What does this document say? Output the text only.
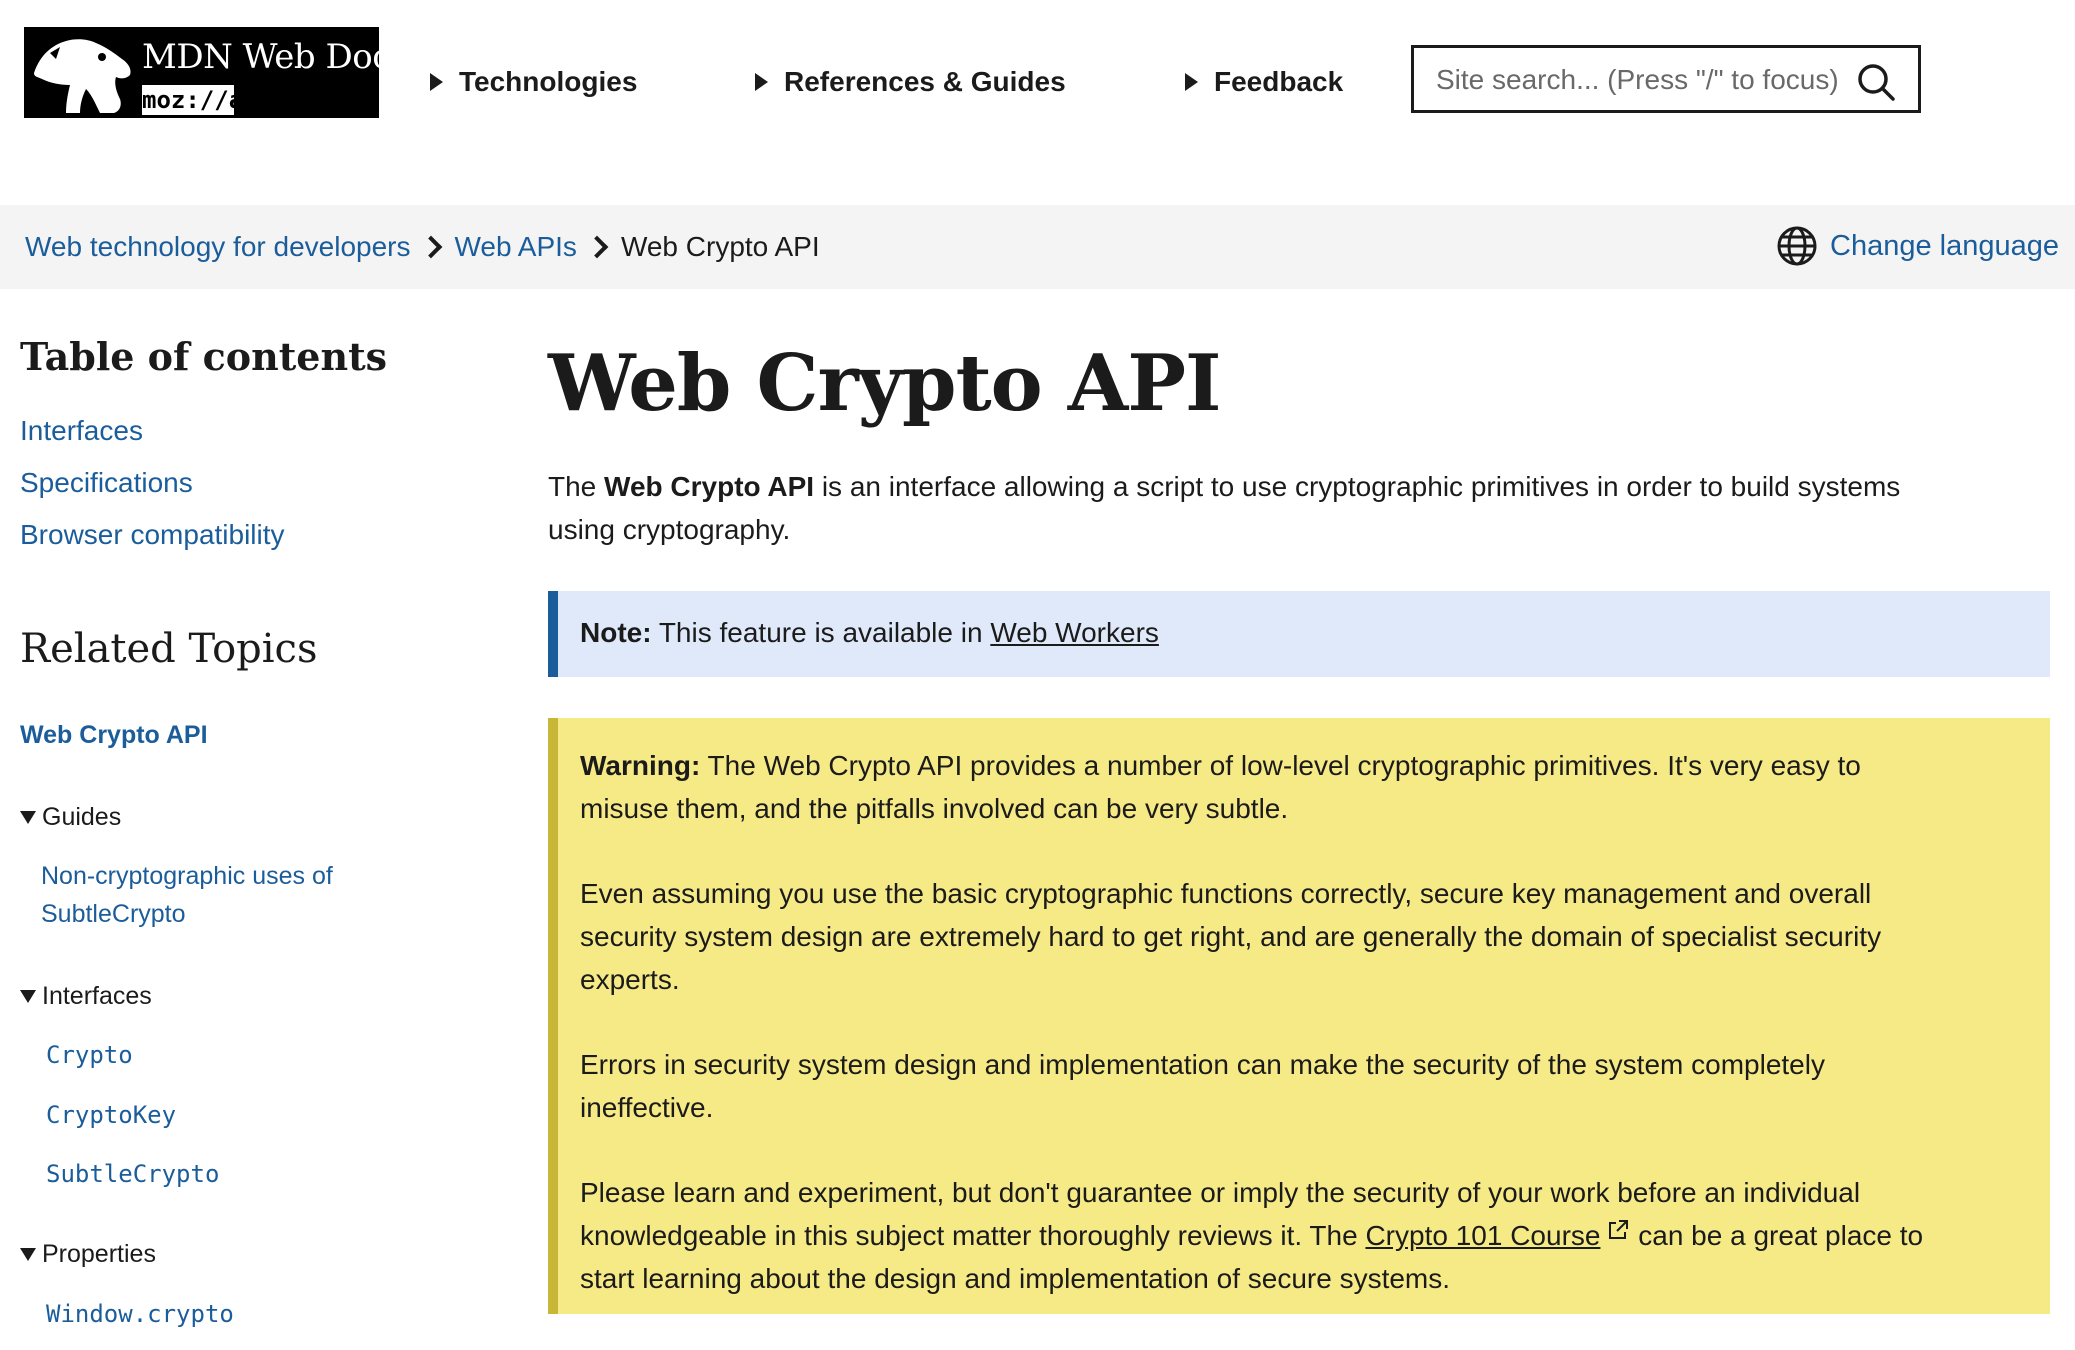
MDN Web Docs
moz://a
Technologies	References & Guides	Feedback
Site search... (Press "/" to focus)
Web technology for developers Web APIs Web Crypto API	Change language
Table of contents
Interfaces
Specifications
Browser compatibility
Related Topics
Web Crypto API
Guides
Non-cryptographic uses of SubtleCrypto
Interfaces
Crypto
CryptoKey
SubtleCrypto
Properties
Window.crypto
Web Crypto API
The Web Crypto API is an interface allowing a script to use cryptographic primitives in order to build systems using cryptography.
Note: This feature is available in Web Workers

Warning: The Web Crypto API provides a number of low-level cryptographic primitives. It's very easy to misuse them, and the pitfalls involved can be very subtle.

Even assuming you use the basic cryptographic functions correctly, secure key management and overall security system design are extremely hard to get right, and are generally the domain of specialist security experts.

Errors in security system design and implementation can make the security of the system completely ineffective.

Please learn and experiment, but don't guarantee or imply the security of your work before an individual knowledgeable in this subject matter thoroughly reviews it. The Crypto 101 Course can be a great place to start learning about the design and implementation of secure systems.
